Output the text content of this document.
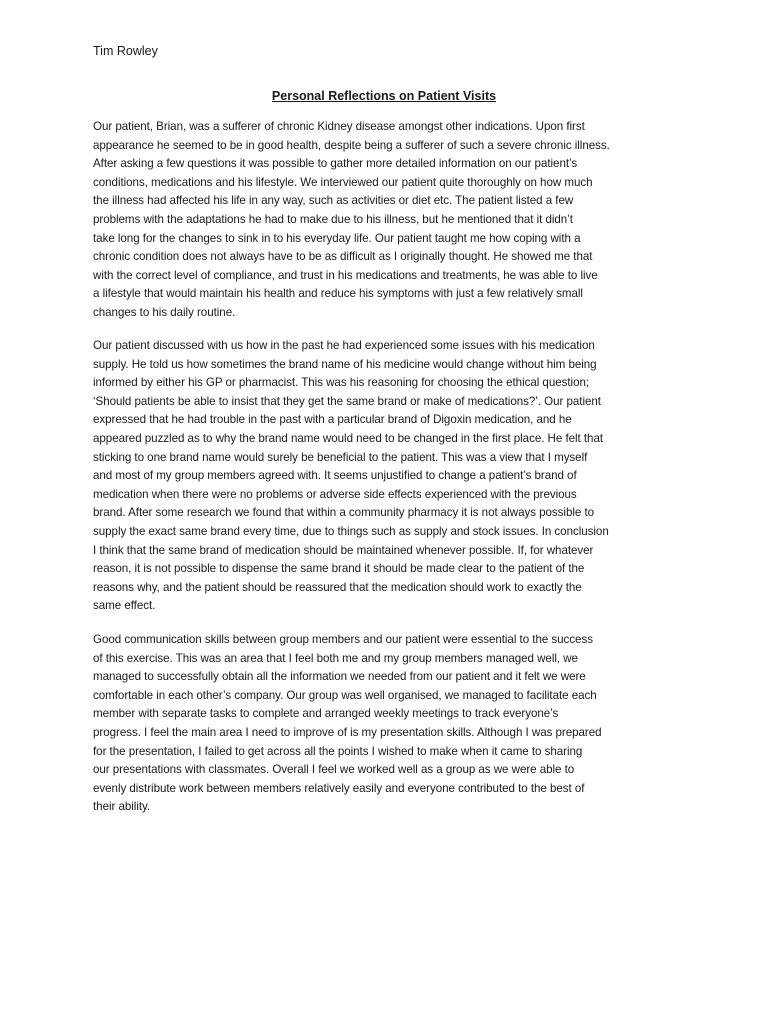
Tim Rowley
Personal Reflections on Patient Visits
Our patient, Brian, was a sufferer of chronic Kidney disease amongst other indications. Upon first
appearance he seemed to be in good health, despite being a sufferer of such a severe chronic illness.
After asking a few questions it was possible to gather more detailed information on our patient’s
conditions, medications and his lifestyle. We interviewed our patient quite thoroughly on how much
the illness had affected his life in any way, such as activities or diet etc. The patient listed a few
problems with the adaptations he had to make due to his illness, but he mentioned that it didn’t
take long for the changes to sink in to his everyday life. Our patient taught me how coping with a
chronic condition does not always have to be as difficult as I originally thought. He showed me that
with the correct level of compliance, and trust in his medications and treatments, he was able to live
a lifestyle that would maintain his health and reduce his symptoms with just a few relatively small
changes to his daily routine.
Our patient discussed with us how in the past he had experienced some issues with his medication
supply. He told us how sometimes the brand name of his medicine would change without him being
informed by either his GP or pharmacist. This was his reasoning for choosing the ethical question;
‘Should patients be able to insist that they get the same brand or make of medications?’. Our patient
expressed that he had trouble in the past with a particular brand of Digoxin medication, and he
appeared puzzled as to why the brand name would need to be changed in the first place. He felt that
sticking to one brand name would surely be beneficial to the patient. This was a view that I myself
and most of my group members agreed with. It seems unjustified to change a patient’s brand of
medication when there were no problems or adverse side effects experienced with the previous
brand. After some research we found that within a community pharmacy it is not always possible to
supply the exact same brand every time, due to things such as supply and stock issues. In conclusion
I think that the same brand of medication should be maintained whenever possible. If, for whatever
reason, it is not possible to dispense the same brand it should be made clear to the patient of the
reasons why, and the patient should be reassured that the medication should work to exactly the
same effect.
Good communication skills between group members and our patient were essential to the success
of this exercise. This was an area that I feel both me and my group members managed well, we
managed to successfully obtain all the information we needed from our patient and it felt we were
comfortable in each other’s company. Our group was well organised, we managed to facilitate each
member with separate tasks to complete and arranged weekly meetings to track everyone’s
progress. I feel the main area I need to improve of is my presentation skills. Although I was prepared
for the presentation, I failed to get across all the points I wished to make when it came to sharing
our presentations with classmates. Overall I feel we worked well as a group as we were able to
evenly distribute work between members relatively easily and everyone contributed to the best of
their ability.
